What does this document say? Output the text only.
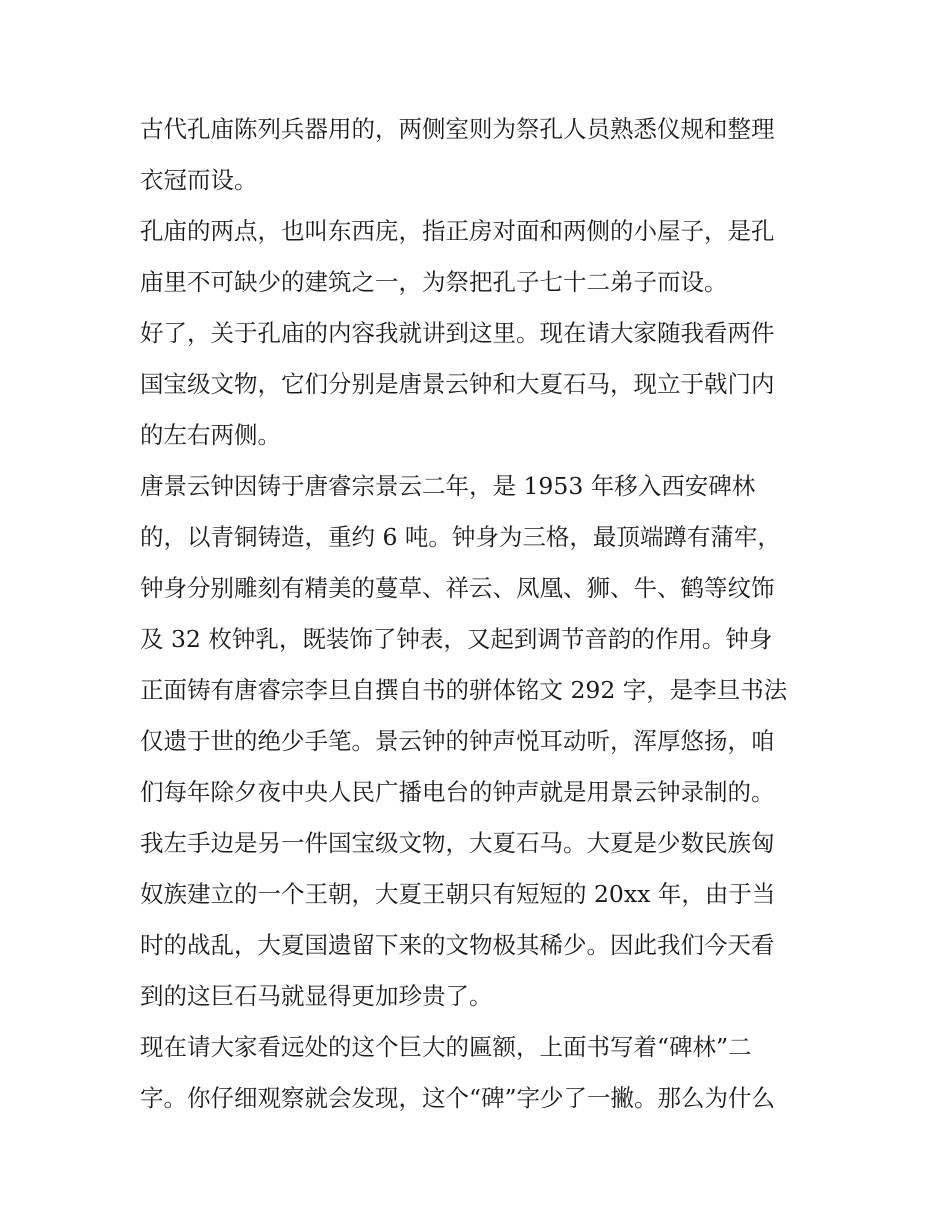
古代孔庙陈列兵器用的，两侧室则为祭孔人员熟悉仪规和整理
衣冠而设。

孔庙的两点，也叫东西庑，指正房对面和两侧的小屋子，是孔
庙里不可缺少的建筑之一，为祭把孔子七十二弟子而设。

好了，关于孔庙的内容我就讲到这里。现在请大家随我看两件
国宝级文物，它们分别是唐景云钟和大夏石马，现立于戟门内
的左右两侧。

唐景云钟因铸于唐睿宗景云二年，是 1953 年移入西安碑林
的，以青铜铸造，重约 6 吨。钟身为三格，最顶端蹲有蒲牢，
钟身分别雕刻有精美的蔓草、祥云、凤凰、狮、牛、鹤等纹饰
及 32 枚钟乳，既装饰了钟表，又起到调节音韵的作用。钟身
正面铸有唐睿宗李旦自撰自书的骈体铭文 292 字，是李旦书法
仅遗于世的绝少手笔。景云钟的钟声悦耳动听，浑厚悠扬，咱
们每年除夕夜中央人民广播电台的钟声就是用景云钟录制的。

我左手边是另一件国宝级文物，大夏石马。大夏是少数民族匈
奴族建立的一个王朝，大夏王朝只有短短的 20xx 年，由于当
时的战乱，大夏国遗留下来的文物极其稀少。因此我们今天看
到的这巨石马就显得更加珍贵了。

现在请大家看远处的这个巨大的匾额，上面书写着“碑林”二
字。你仔细观察就会发现，这个“碑”字少了一撇。那么为什么
